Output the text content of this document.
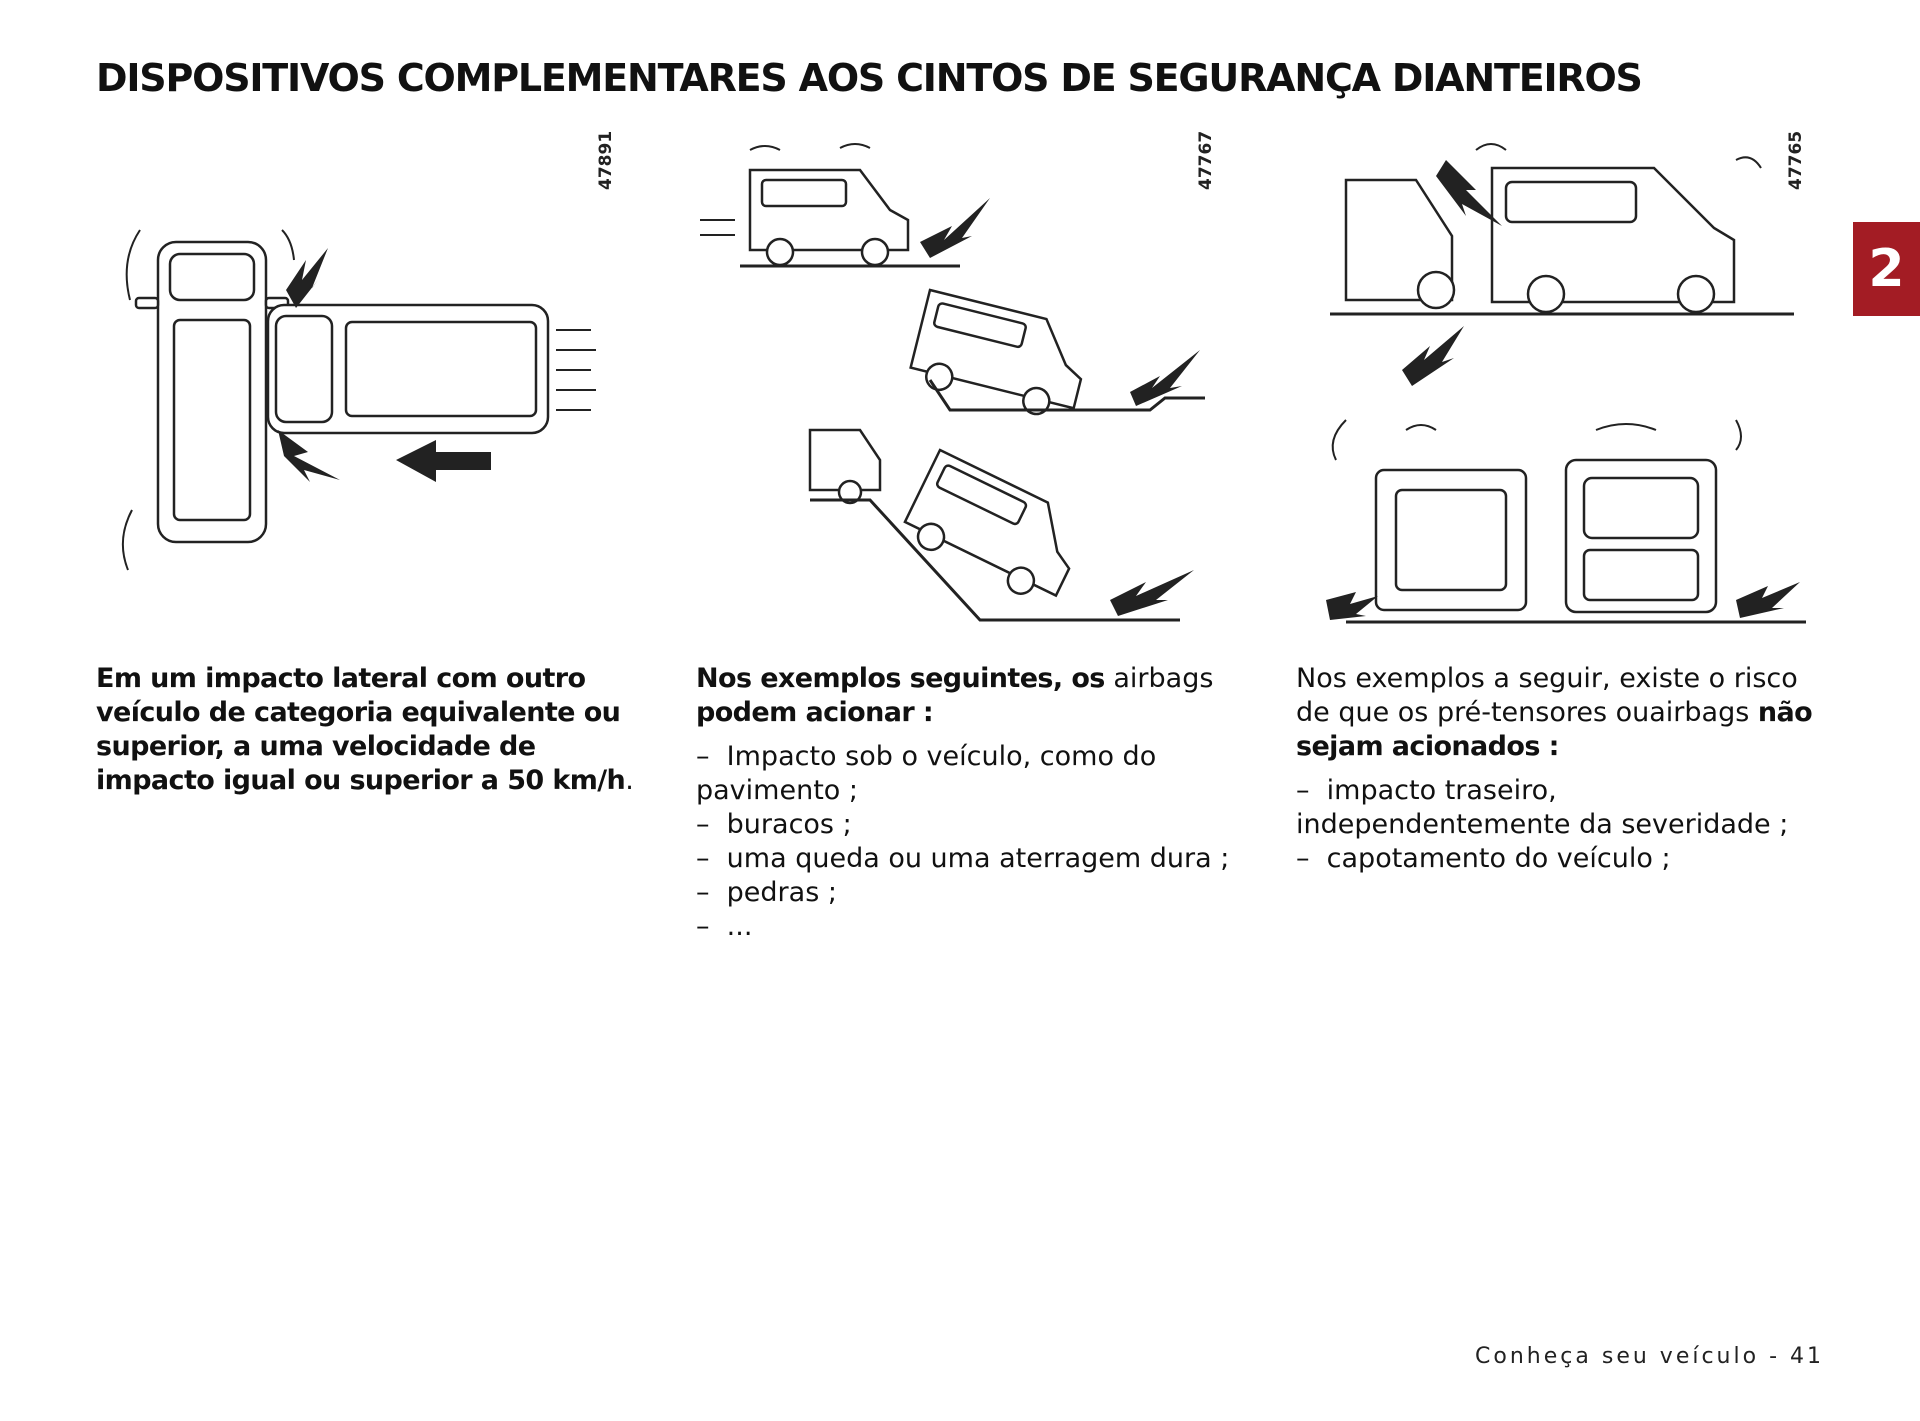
DISPOSITIVOS COMPLEMENTARES AOS CINTOS DE SEGURANÇA DIANTEIROS
2
47891	47767	47765

Em um impacto lateral com outro veículo de categoria equivalente ou superior, a uma velocidade de impacto igual ou superior a 50 km/h.

Nos exemplos seguintes, os airbags podem acionar :

–  Impacto sob o veículo, como do pavimento ;
–  buracos ;
–  uma queda ou uma aterragem dura ;
–  pedras ;
–  ...

Nos exemplos a seguir, existe o risco de que os pré-tensores ouairbags não sejam acionados :

–  impacto traseiro, independentemente da severidade ;
–  capotamento do veículo ;
Conheça seu veículo - 41
